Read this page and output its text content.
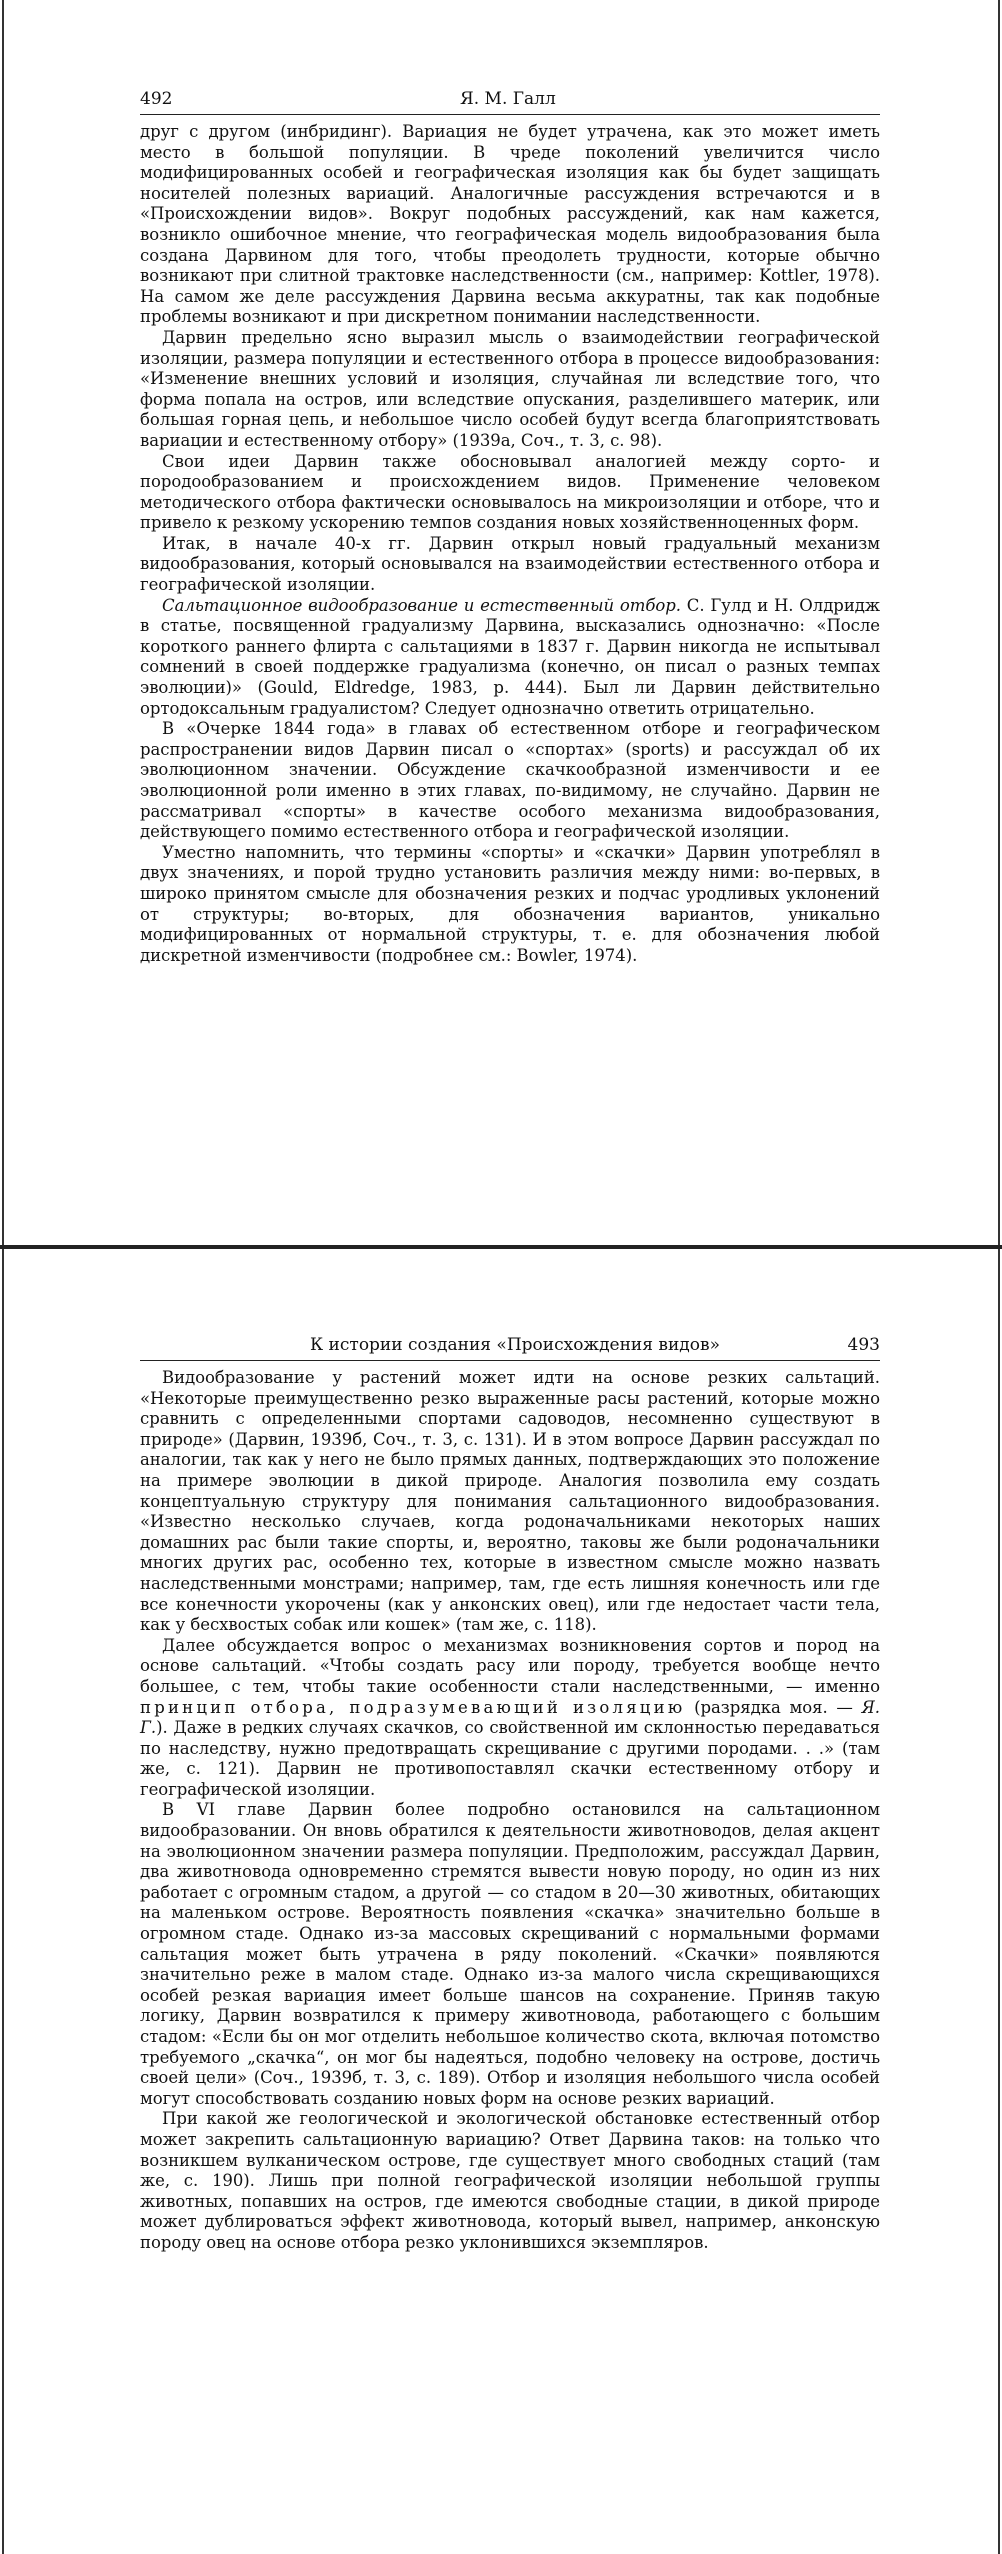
492	Я. М. Галл

друг с другом (инбридинг). Вариация не будет утрачена, как это может иметь место в большой популяции. В чреде поколений увеличится число модифицированных особей и географическая изоляция как бы будет защищать носителей полезных вариаций. Аналогичные рассуждения встречаются и в «Происхождении видов». Вокруг подобных рассуждений, как нам кажется, возникло ошибочное мнение, что географическая модель видообразования была создана Дарвином для того, чтобы преодолеть трудности, которые обычно возникают при слитной трактовке наследственности (см., например: Kottler, 1978). На самом же деле рассуждения Дарвина весьма аккуратны, так как подобные проблемы возникают и при дискретном понимании наследственности.

Дарвин предельно ясно выразил мысль о взаимодействии географической изоляции, размера популяции и естественного отбора в процессе видообразования: «Изменение внешних условий и изоляция, случайная ли вследствие того, что форма попала на остров, или вследствие опускания, разделившего материк, или большая горная цепь, и небольшое число особей будут всегда благоприятствовать вариации и естественному отбору» (1939а, Соч., т. 3, с. 98).

Свои идеи Дарвин также обосновывал аналогией между сорто- и породообразованием и происхождением видов. Применение человеком методического отбора фактически основывалось на микроизоляции и отборе, что и привело к резкому ускорению темпов создания новых хозяйственноценных форм.

Итак, в начале 40-х гг. Дарвин открыл новый градуальный механизм видообразования, который основывался на взаимодействии естественного отбора и географической изоляции.

Сальтационное видообразование и естественный отбор. С. Гулд и Н. Олдридж в статье, посвященной градуализму Дарвина, высказались однозначно: «После короткого раннего флирта с сальтациями в 1837 г. Дарвин никогда не испытывал сомнений в своей поддержке градуализма (конечно, он писал о разных темпах эволюции)» (Gould, Eldredge, 1983, p. 444). Был ли Дарвин действительно ортодоксальным градуалистом? Следует однозначно ответить отрицательно.

В «Очерке 1844 года» в главах об естественном отборе и географическом распространении видов Дарвин писал о «спортах» (sports) и рассуждал об их эволюционном значении. Обсуждение скачкообразной изменчивости и ее эволюционной роли именно в этих главах, по-видимому, не случайно. Дарвин не рассматривал «спорты» в качестве особого механизма видообразования, действующего помимо естественного отбора и географической изоляции.

Уместно напомнить, что термины «спорты» и «скачки» Дарвин употреблял в двух значениях, и порой трудно установить различия между ними: во-первых, в широко принятом смысле для обозначения резких и подчас уродливых уклонений от структуры; во-вторых, для обозначения вариантов, уникально модифицированных от нормальной структуры, т. е. для обозначения любой дискретной изменчивости (подробнее см.: Bowler, 1974).

К истории создания «Происхождения видов»	493

Видообразование у растений может идти на основе резких сальтаций. «Некоторые преимущественно резко выраженные расы растений, которые можно сравнить с определенными спортами садоводов, несомненно существуют в природе» (Дарвин, 1939б, Соч., т. 3, с. 131). И в этом вопросе Дарвин рассуждал по аналогии, так как у него не было прямых данных, подтверждающих это положение на примере эволюции в дикой природе. Аналогия позволила ему создать концептуальную структуру для понимания сальтационного видообразования. «Известно несколько случаев, когда родоначальниками некоторых наших домашних рас были такие спорты, и, вероятно, таковы же были родоначальники многих других рас, особенно тех, которые в известном смысле можно назвать наследственными монстрами; например, там, где есть лишняя конечность или где все конечности укорочены (как у анконских овец), или где недостает части тела, как у бесхвостых собак или кошек» (там же, с. 118).

Далее обсуждается вопрос о механизмах возникновения сортов и пород на основе сальтаций. «Чтобы создать расу или породу, требуется вообще нечто большее, с тем, чтобы такие особенности стали наследственными, — именно принцип отбора, подразумевающий изоляцию (разрядка моя. — Я. Г.). Даже в редких случаях скачков, со свойственной им склонностью передаваться по наследству, нужно предотвращать скрещивание с другими породами. . .» (там же, с. 121). Дарвин не противопоставлял скачки естественному отбору и географической изоляции.

В VI главе Дарвин более подробно остановился на сальтационном видообразовании. Он вновь обратился к деятельности животноводов, делая акцент на эволюционном значении размера популяции. Предположим, рассуждал Дарвин, два животновода одновременно стремятся вывести новую породу, но один из них работает с огромным стадом, а другой — со стадом в 20—30 животных, обитающих на маленьком острове. Вероятность появления «скачка» значительно больше в огромном стаде. Однако из-за массовых скрещиваний с нормальными формами сальтация может быть утрачена в ряду поколений. «Скачки» появляются значительно реже в малом стаде. Однако из-за малого числа скрещивающихся особей резкая вариация имеет больше шансов на сохранение. Приняв такую логику, Дарвин возвратился к примеру животновода, работающего с большим стадом: «Если бы он мог отделить небольшое количество скота, включая потомство требуемого „скачка“, он мог бы надеяться, подобно человеку на острове, достичь своей цели» (Соч., 1939б, т. 3, с. 189). Отбор и изоляция небольшого числа особей могут способствовать созданию новых форм на основе резких вариаций.

При какой же геологической и экологической обстановке естественный отбор может закрепить сальтационную вариацию? Ответ Дарвина таков: на только что возникшем вулканическом острове, где существует много свободных стаций (там же, с. 190). Лишь при полной географической изоляции небольшой группы животных, попавших на остров, где имеются свободные стации, в дикой природе может дублироваться эффект животновода, который вывел, например, анконскую породу овец на основе отбора резко уклонившихся экземпляров.
